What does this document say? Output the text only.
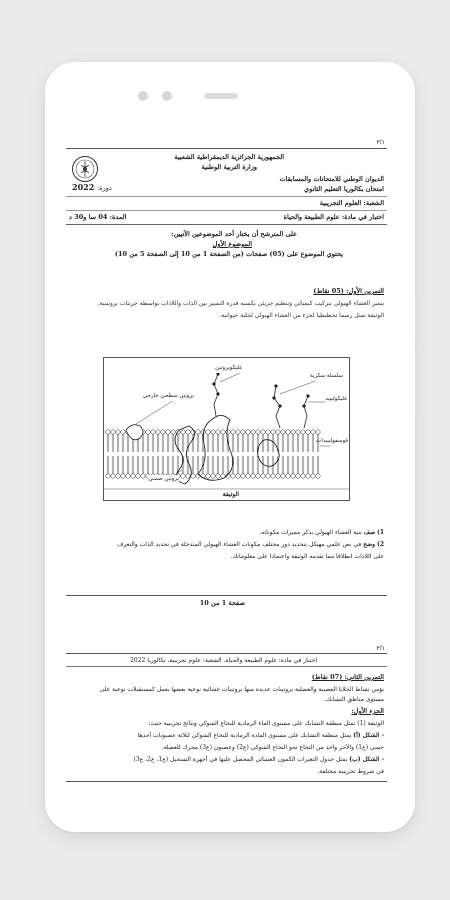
٣/١
الجمهورية الجزائرية الديمقراطية الشعبية
وزارة التربية الوطنية
الديوان الوطني للامتحانات والمسابقات
امتحان بكالوريا التعليم الثانوي
دورة: 2022
الشعبة: العلوم التجريبية
اختبار في مادة: علوم الطبيعة والحياة
المدة: 04 سا و30 د
على المترشح أن يختار أحد الموضوعين الآتيين:
الموضوع الأول
يحتوي الموضوع على (05) صفحات (من الصفحة 1 من 10 إلى الصفحة 5 من 10)
التمرين الأول: (05 نقاط)
يتميز الغشاء الهيولي بتركيب كيميائي وتنظيم جزيئي يكسبه قدرة التمييز بين الذات واللاذات بواسطة جزيئات بروتينية.
الوثيقة تمثل رسما تخطيطيا لجزء من الغشاء الهيولي لخلية حيوانية.
غليكوبروتين
سلسلة سكرية
غليكوليبيد
بروتين سطحي خارجي
بروتين ضمني
فوسفوليبيدات
الوثيقة
1) صف بنية الغشاء الهيولي بذكر مميزات مكوناته.
2) وضح في نص علمي مهيكل بتحديد دور مختلف مكونات الغشاء الهيولي المتدخلة في تحديد الذات والتعرف
على اللاذات انطلاقا مما تقدمه الوثيقة واعتمادا على معلوماتك.
صفحة 1 من 10
٣/١
اختبار في مادة: علوم الطبيعة والحياة. الشعبة: علوم تجريبية. بكالوريا 2022
التمرين الثاني: (07 نقاط)
يؤمن نشاط الخلايا العصبية والعضلية بروتينات عديدة منها بروتينات غشائية نوعية بعضها يعمل كمستقبلات نوعية على
مستوى مناطق التشابك.
الجزء الأول:
الوثيقة (1) تمثل منطقة التشابك على مستوى الماء الرمادية للنخاع الشوكي ونتائج تجريبية حيث:
- الشكل (أ) يمثل منطقة التشابك على مستوى المادة الرمادية للنخاع الشوكي لثلاثة عصبونات أحدها
حسي (ع1) والآخر واحد من النخاع نحو النخاع الشوكي (ع2) وعصبون (ع3) محرك للعضلة.
- الشكل (ب) يمثل جدول التغيرات الكمون الغشائي المحصل عليها في أجهزة التسجيل (ع1، ع2، ع3)
في شروط تجريبية مختلفة.
